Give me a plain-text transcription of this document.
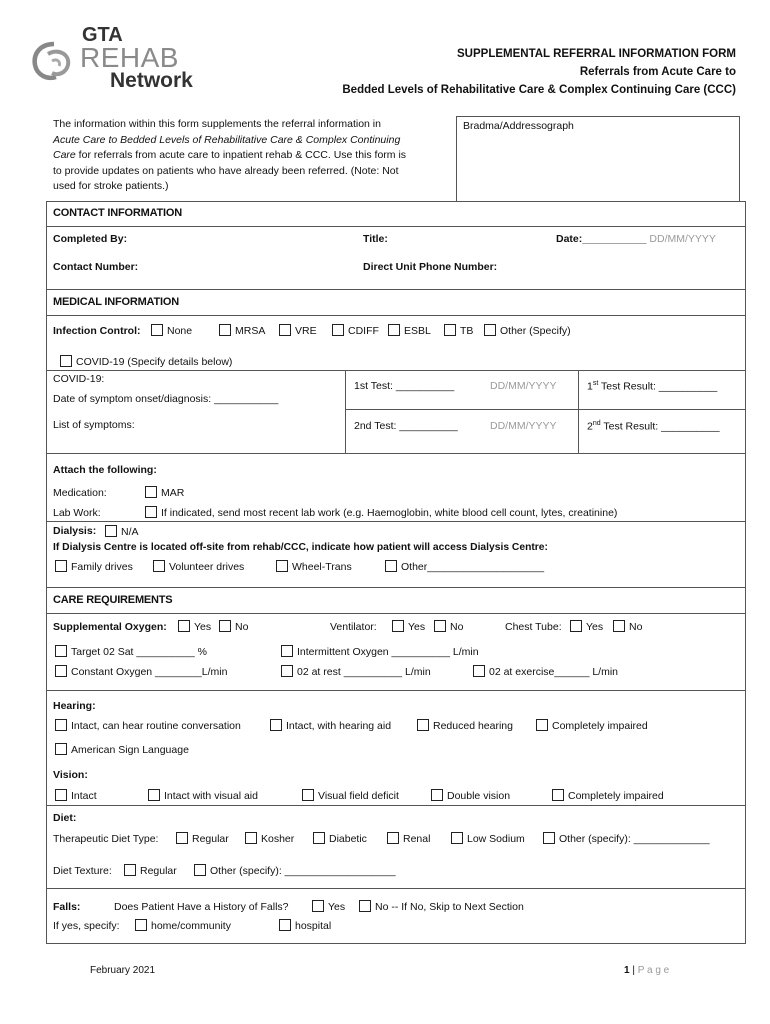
GTA
REHAB
Network
SUPPLEMENTAL REFERRAL INFORMATION FORM
Referrals from Acute Care to
Bedded Levels of Rehabilitative Care & Complex Continuing Care (CCC)
The information within this form supplements the referral information in
Acute Care to Bedded Levels of Rehabilitative Care & Complex Continuing
Care for referrals from acute care to inpatient rehab & CCC. Use this form is
to provide updates on patients who have already been referred. (Note: Not
used for stroke patients.)
Bradma/Addressograph
CONTACT INFORMATION
Completed By:	Title:	Date:___________ DD/MM/YYYY
Contact Number:	Direct Unit Phone Number:
MEDICAL INFORMATION
Infection Control:	None	MRSA	VRE	CDIFF	ESBL	TB	Other (Specify)
COVID-19 (Specify details below)
COVID-19:
Date of symptom onset/diagnosis: ___________
1st Test: __________	DD/MM/YYYY	1st Test Result: __________
List of symptoms:	2nd Test: __________	DD/MM/YYYY	2nd Test Result: __________
Attach the following:
Medication:	MAR
Lab Work:	If indicated, send most recent lab work (e.g. Haemoglobin, white blood cell count, lytes, creatinine)
Dialysis:	N/A
If Dialysis Centre is located off-site from rehab/CCC, indicate how patient will access Dialysis Centre:
Family drives	Volunteer drives	Wheel-Trans	Other____________________
CARE REQUIREMENTS
Supplemental Oxygen:	Yes	No	Ventilator:	Yes	No	Chest Tube:	Yes	No
Target 02 Sat __________ %	Intermittent Oxygen __________ L/min
Constant Oxygen ________L/min	02 at rest __________ L/min	02 at exercise______ L/min
Hearing:
Intact, can hear routine conversation	Intact, with hearing aid	Reduced hearing	Completely impaired
American Sign Language
Vision:
Intact	Intact with visual aid	Visual field deficit	Double vision	Completely impaired
Diet:
Therapeutic Diet Type:	Regular	Kosher	Diabetic	Renal	Low Sodium	Other (specify): _____________
Diet Texture:	Regular	Other (specify): ___________________
Falls:	Does Patient Have a History of Falls?	Yes	No -- If No, Skip to Next Section
If yes, specify:	home/community	hospital
February 2021	1 | P a g e
